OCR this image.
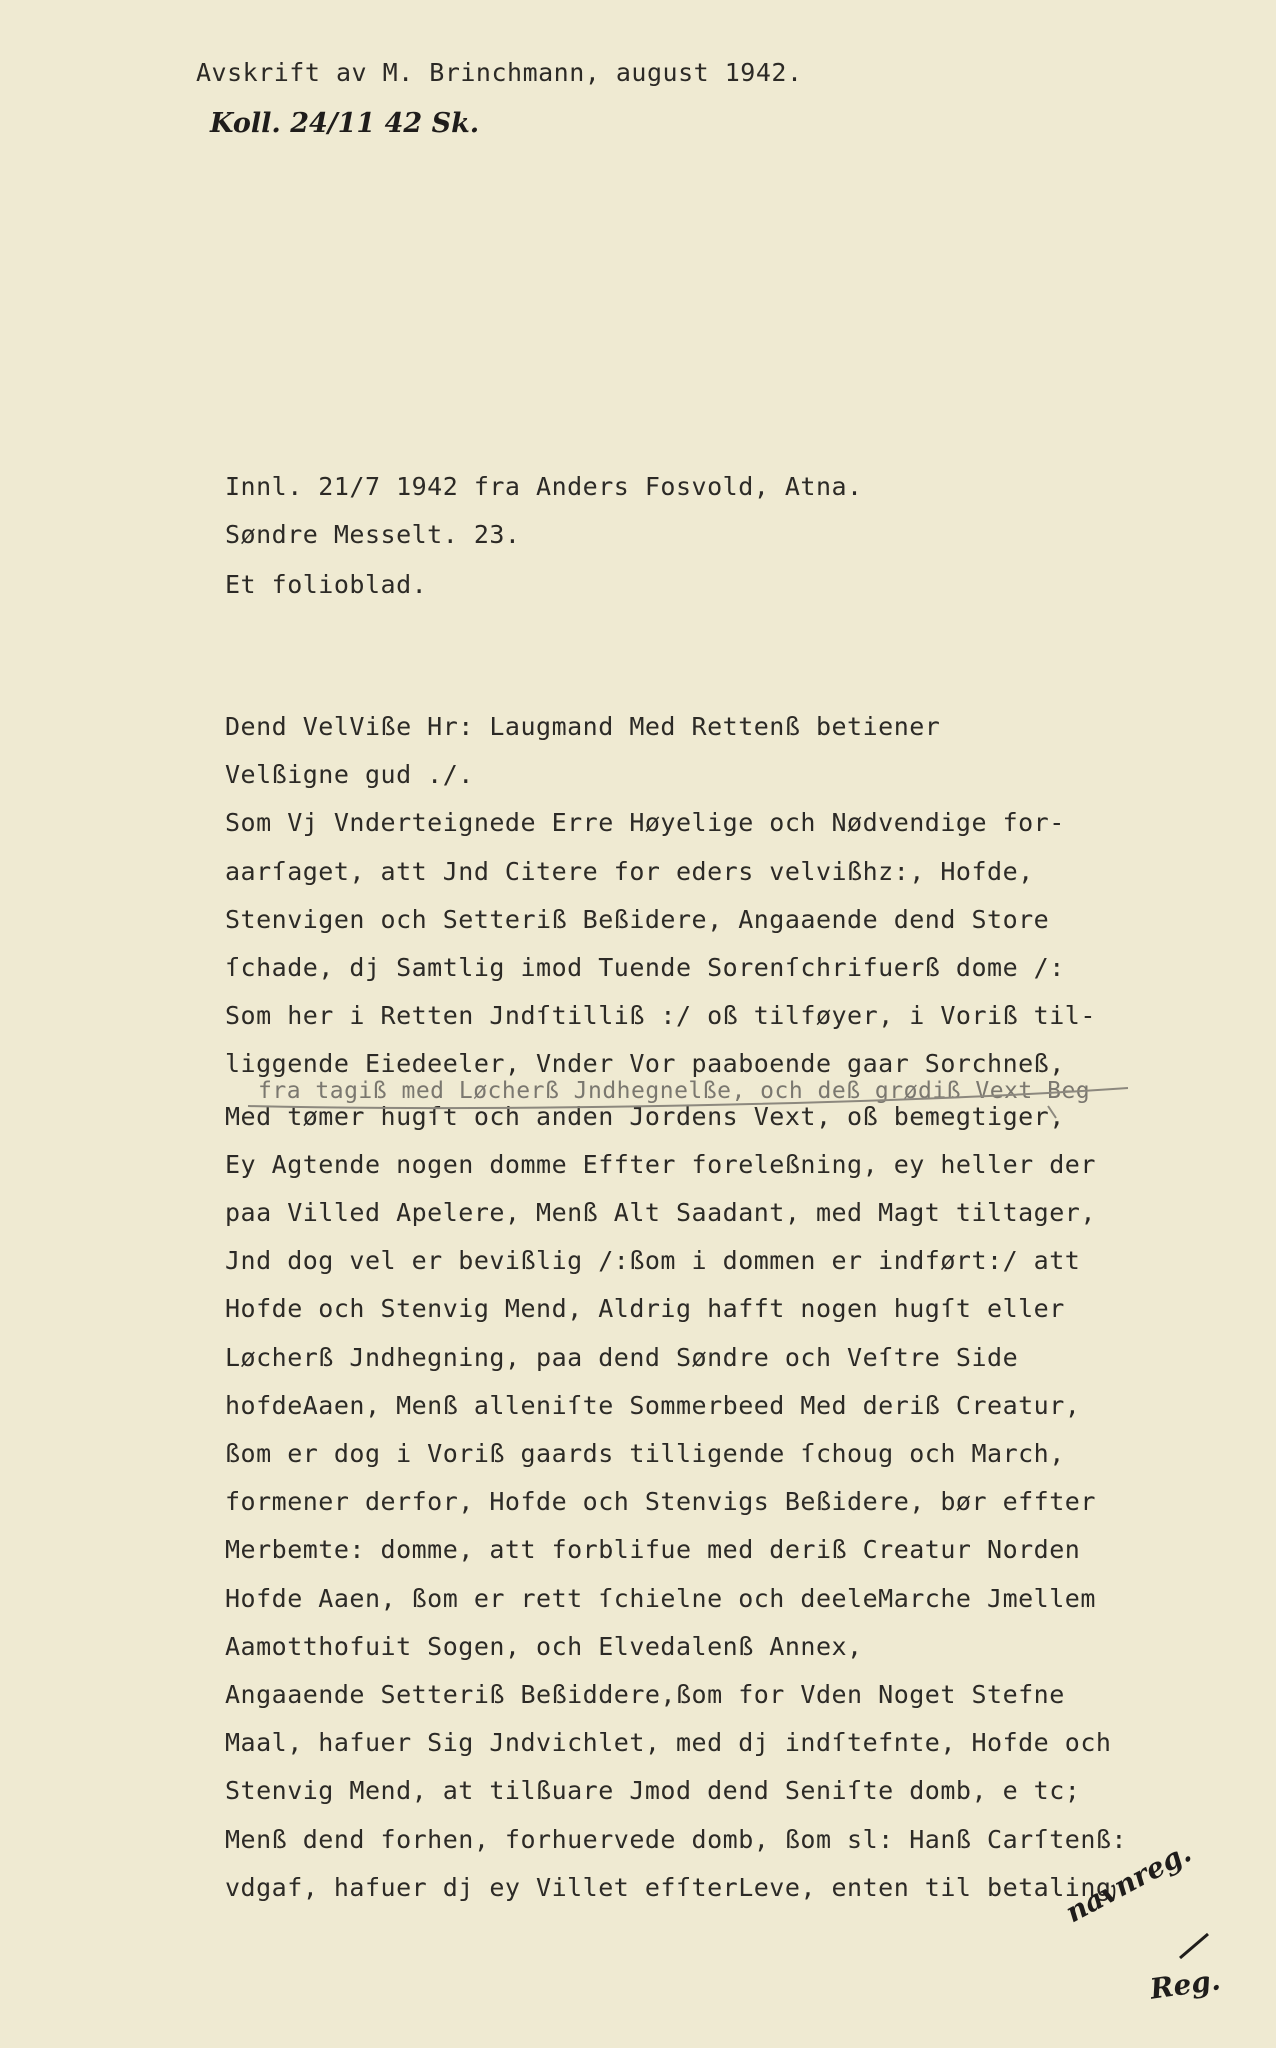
Avskrift av M. Brinchmann, august 1942.
Koll. 24/11 42 Sk.
Innl. 21/7 1942 fra Anders Fosvold, Atna.
Søndre Messelt. 23.
Et folioblad.
Dend VelVißе Hr: Laugmand Med Rettenß betiener
Velßigne gud ./.
Som Vj Vnderteignede Erre Høyelige och Nødvendige for-
aarſaget, att Jnd Citere for eders velvißhz:, Hofde,
Stenvigen och Setteriß Beßidere, Angaaende dend Store
ſchade, dj Samtlig imod Tuende Sorenſchrifuerß dome /:
Som her i Retten Jndſtilliß :/ oß tilføyer, i Voriß til-
liggende Eiedeeler, Vnder Vor paaboende gaar Sorchneß,
Med tømer hugſt och anden Jordens Vext, oß bemegtiger,
Ey Agtende nogen domme Effter foreleßning, ey heller der
paa Villed Apelere, Menß Alt Saadant, med Magt tiltager,
Jnd dog vel er bevißlig /:ßom i dommen er indført:/ att
Hofde och Stenvig Mend, Aldrig hafft nogen hugſt eller
Løcherß Jndhegning, paa dend Søndre och Veſtre Side
hofdeAaen, Menß alleniſte Sommerbeed Med deriß Creatur,
ßom er dog i Voriß gaards tilligende ſchoug och March,
formener derfor, Hofde och Stenvigs Beßidere, bør effter
Merbemte: domme, att forblifue med deriß Creatur Norden
Hofde Aaen, ßom er rett ſchielne och deeleMarche Jmellem
Aamotthofuit Sogen, och Elvedalenß Annex,
Angaaende Setteriß Beßiddere,ßom for Vden Noget Stefne
Maal, hafuer Sig Jndvichlet, med dj indſtefnte, Hofde och
Stenvig Mend, at tilßuare Jmod dend Seniſte domb, e tc;
Menß dend forhen, forhuervede domb, ßom sl: Hanß Carſtenß:
vdgaf, hafuer dj ey Villet efſterLeve, enten til betaling
fra tagiß med Løcherß Jndhegnelße, och deß grødiß Vext Beg
navnreg.
Reg.
